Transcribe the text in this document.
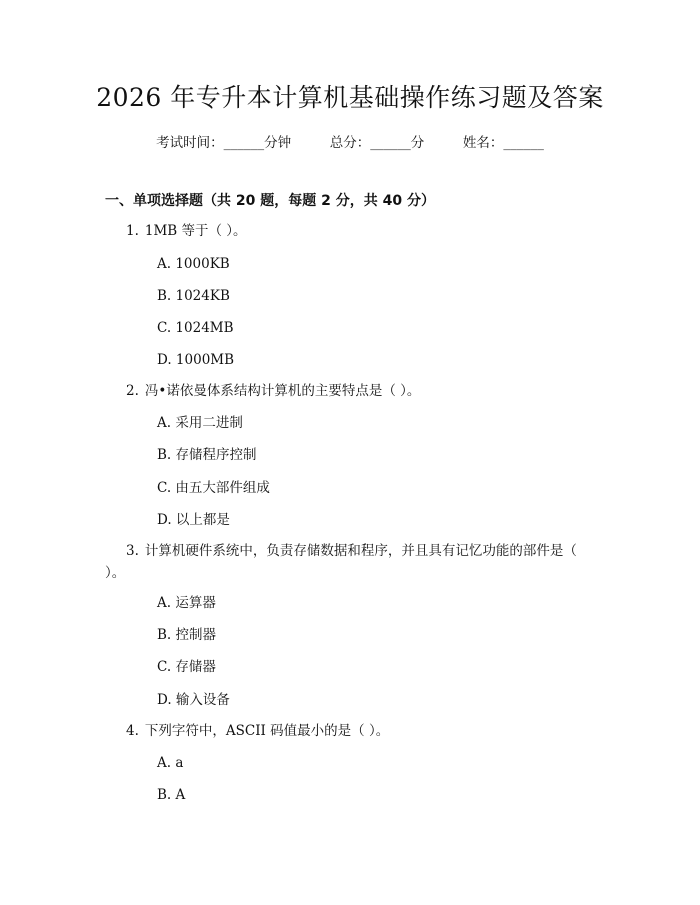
2026 年专升本计算机基础操作练习题及答案
考试时间：______分钟	总分：______分	姓名：______
一、单项选择题（共 20 题，每题 2 分，共 40 分）
1. 1MB 等于（ ）。
A. 1000KB
B. 1024KB
C. 1024MB
D. 1000MB
2. 冯•诺依曼体系结构计算机的主要特点是（ ）。
A. 采用二进制
B. 存储程序控制
C. 由五大部件组成
D. 以上都是
3. 计算机硬件系统中，负责存储数据和程序，并且具有记忆功能的部件是（ ）。
A. 运算器
B. 控制器
C. 存储器
D. 输入设备
4. 下列字符中，ASCII 码值最小的是（ ）。
A. a
B. A
